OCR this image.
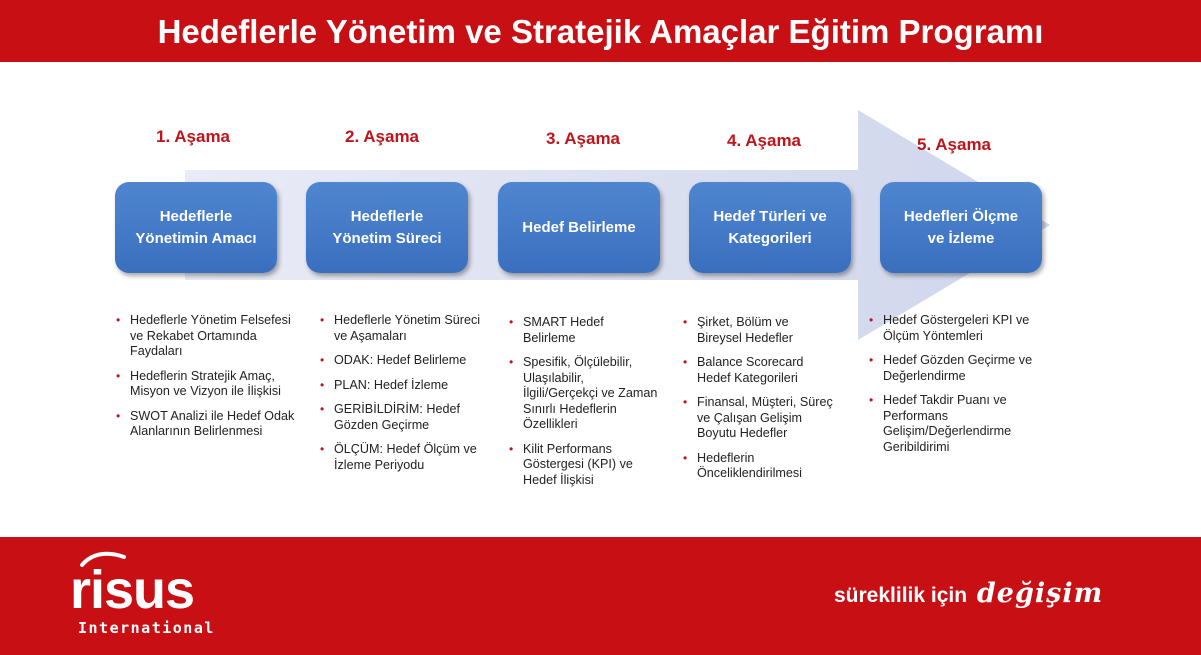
Hedeflerle Yönetim ve Stratejik Amaçlar Eğitim Programı
1. Aşama	2. Aşama	3. Aşama	4. Aşama	5. Aşama
Hedeflerle
Yönetimin Amacı
Hedeflerle
Yönetim Süreci
Hedef Belirleme
Hedef Türleri ve
Kategorileri
Hedefleri Ölçme
ve İzleme
• Hedeflerle Yönetim Felsefesi ve Rekabet Ortamında Faydaları
• Hedeflerin Stratejik Amaç, Misyon ve Vizyon ile İlişkisi
• SWOT Analizi ile Hedef Odak Alanlarının Belirlenmesi
• Hedeflerle Yönetim Süreci ve Aşamaları
• ODAK: Hedef Belirleme
• PLAN: Hedef İzleme
• GERİBİLDİRİM: Hedef Gözden Geçirme
• ÖLÇÜM: Hedef Ölçüm ve İzleme Periyodu
• SMART Hedef Belirleme
• Spesifik, Ölçülebilir, Ulaşılabilir, İlgili/Gerçekçi ve Zaman Sınırlı Hedeflerin Özellikleri
• Kilit Performans Göstergesi (KPI) ve Hedef İlişkisi
• Şirket, Bölüm ve Bireysel Hedefler
• Balance Scorecard Hedef Kategorileri
• Finansal, Müşteri, Süreç ve Çalışan Gelişim Boyutu Hedefler
• Hedeflerin Önceliklendirilmesi
• Hedef Göstergeleri KPI ve Ölçüm Yöntemleri
• Hedef Gözden Geçirme ve Değerlendirme
• Hedef Takdir Puanı ve Performans Gelişim/Değerlendirme Geribildirimi
risus
International
süreklilik için değişim
